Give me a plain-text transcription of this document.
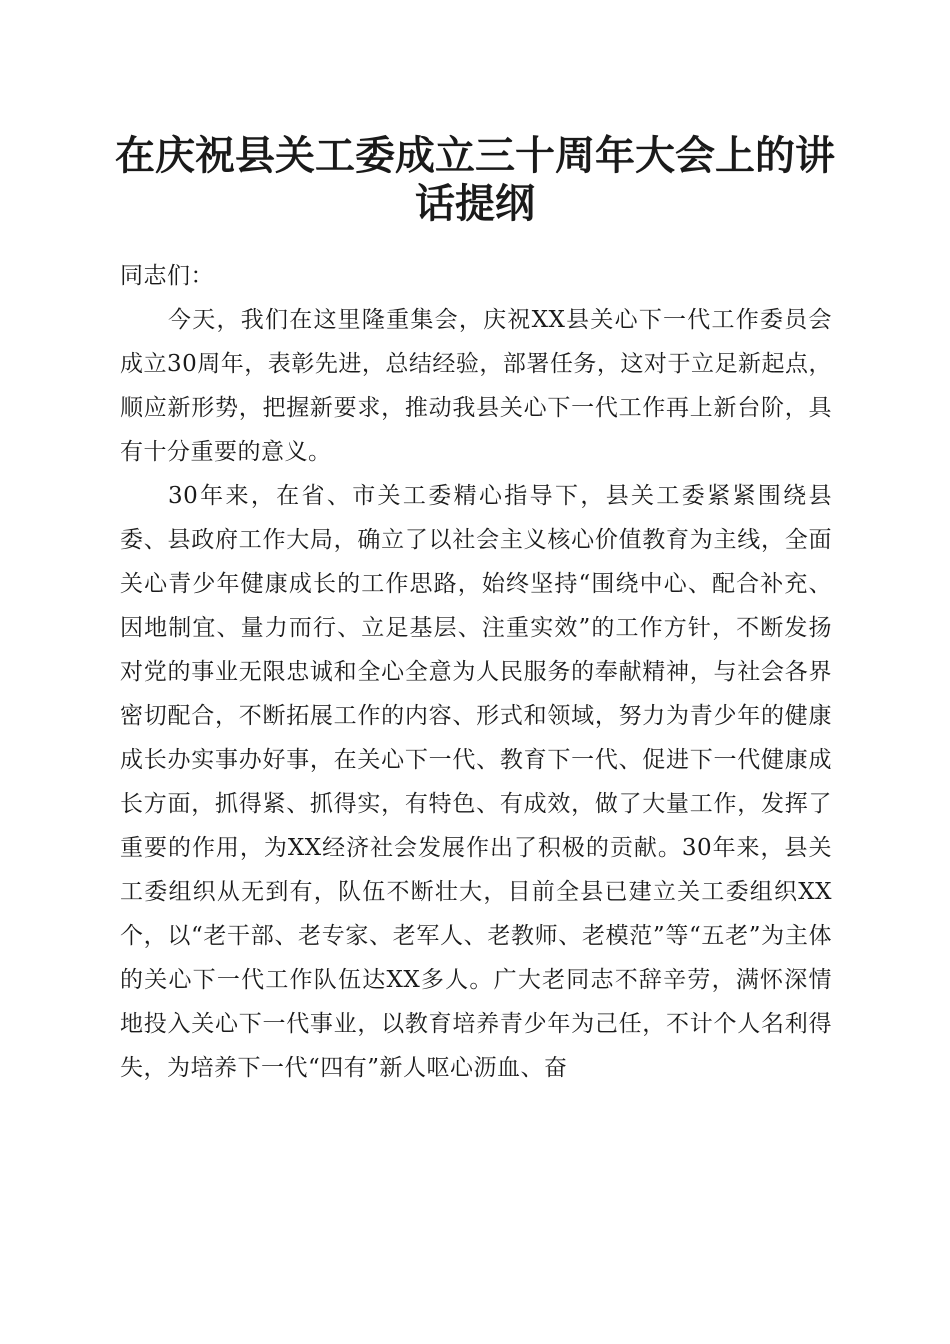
在庆祝县关工委成立三十周年大会上的讲话提纲

同志们：

今天，我们在这里隆重集会，庆祝XX县关心下一代工作委员会成立30周年，表彰先进，总结经验，部署任务，这对于立足新起点，顺应新形势，把握新要求，推动我县关心下一代工作再上新台阶，具有十分重要的意义。

30年来，在省、市关工委精心指导下，县关工委紧紧围绕县委、县政府工作大局，确立了以社会主义核心价值教育为主线，全面关心青少年健康成长的工作思路，始终坚持“围绕中心、配合补充、因地制宜、量力而行、立足基层、注重实效”的工作方针，不断发扬对党的事业无限忠诚和全心全意为人民服务的奉献精神，与社会各界密切配合，不断拓展工作的内容、形式和领域，努力为青少年的健康成长办实事办好事，在关心下一代、教育下一代、促进下一代健康成长方面，抓得紧、抓得实，有特色、有成效，做了大量工作，发挥了重要的作用，为XX经济社会发展作出了积极的贡献。30年来，县关工委组织从无到有，队伍不断壮大，目前全县已建立关工委组织XX个，以“老干部、老专家、老军人、老教师、老模范”等“五老”为主体的关心下一代工作队伍达XX多人。广大老同志不辞辛劳，满怀深情地投入关心下一代事业，以教育培养青少年为己任，不计个人名利得失，为培养下一代“四有”新人呕心沥血、奋
